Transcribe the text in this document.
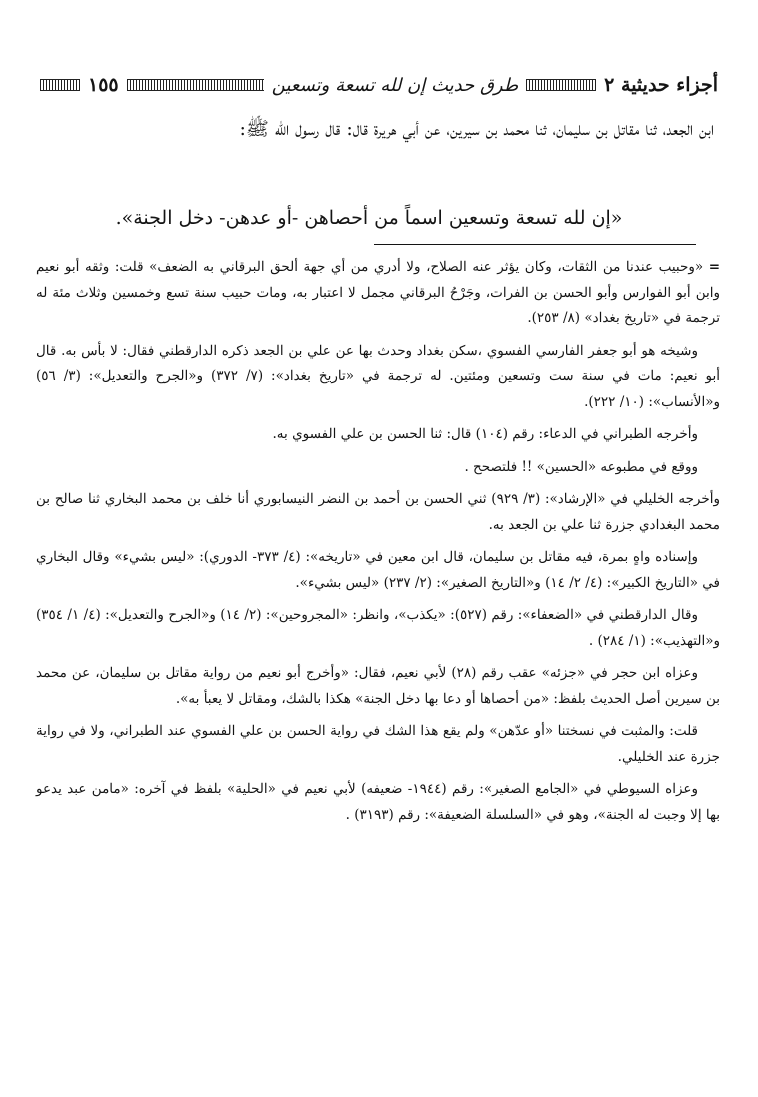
أجزاء حديثية ٢
طرق حديث إن لله تسعة وتسعين
١٥٥

ابن الجعد، ثنا مقاتل بن سليمان، ثنا محمد بن سيرين، عن أبي هريرة قال: قال رسول الله ﷺ:

«إن لله تسعة وتسعين اسماً من أحصاهن -أو عدهن- دخل الجنة».

= «وحبيب عندنا من الثقات، وكان يؤثر عنه الصلاح، ولا أدري من أي جهة ألحق البرقاني به الضعف» قلت: وثقه أبو نعيم وابن أبو الفوارس وأبو الحسن بن الفرات، وجَرْحُ البرقاني مجمل لا اعتبار به، ومات حبيب سنة تسع وخمسين وثلاث مئة له ترجمة في «تاريخ بغداد» (٨/ ٢٥٣).

وشيخه هو أبو جعفر الفارسي الفسوي ،سكن بغداد وحدث بها عن علي بن الجعد ذكره الدارقطني فقال: لا بأس به. قال أبو نعيم: مات في سنة ست وتسعين ومئتين. له ترجمة في «تاريخ بغداد»: (٧/ ٣٧٢) و«الجرح والتعديل»: (٣/ ٥٦) و«الأنساب»: (١٠/ ٢٢٢).

وأخرجه الطبراني في الدعاء: رقم (١٠٤) قال: ثنا الحسن بن علي الفسوي به.

ووقع في مطبوعه «الحسين» !! فلتصحح .

وأخرجه الخليلي في «الإرشاد»: (٣/ ٩٢٩) ثني الحسن بن أحمد بن النضر النيسابوري أنا خلف بن محمد البخاري ثنا صالح بن محمد البغدادي جزرة ثنا علي بن الجعد به.

وإسناده واهٍ بمرة، فيه مقاتل بن سليمان، قال ابن معين في «تاريخه»: (٤/ ٣٧٣- الدوري): «ليس بشيء» وقال البخاري في «التاريخ الكبير»: (٤/ ٢/ ١٤) و«التاريخ الصغير»: (٢/ ٢٣٧) «ليس بشيء».

وقال الدارقطني في «الضعفاء»: رقم (٥٢٧): «يكذب»، وانظر: «المجروحين»: (٢/ ١٤) و«الجرح والتعديل»: (٤/ ١/ ٣٥٤) و«التهذيب»: (١/ ٢٨٤) .

وعزاه ابن حجر في «جزئه» عقب رقم (٢٨) لأبي نعيم، فقال: «وأخرج أبو نعيم من رواية مقاتل بن سليمان، عن محمد بن سيرين أصل الحديث بلفظ: «من أحصاها أو دعا بها دخل الجنة» هكذا بالشك، ومقاتل لا يعبأ به».

قلت: والمثبت في نسختنا «أو عدّهن» ولم يقع هذا الشك في رواية الحسن بن علي الفسوي عند الطبراني، ولا في رواية جزرة عند الخليلي.

وعزاه السيوطي في «الجامع الصغير»: رقم (١٩٤٤- ضعيفه) لأبي نعيم في «الحلية» بلفظ في آخره: «مامن عبد يدعو بها إلا وجبت له الجنة»، وهو في «السلسلة الضعيفة»: رقم (٣١٩٣) .
